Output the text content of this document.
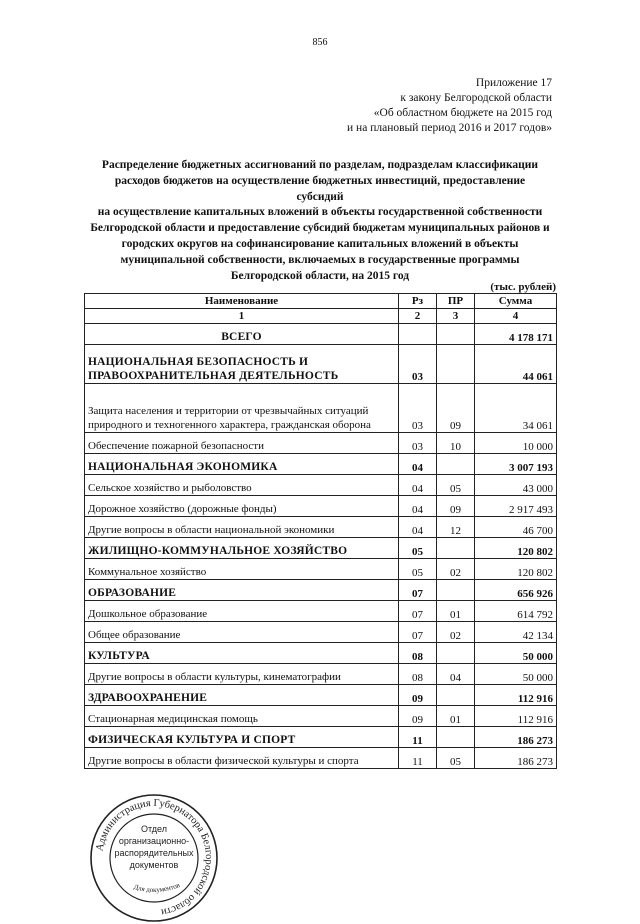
856
Приложение 17
к закону Белгородской области
«Об областном бюджете на 2015 год
и на плановый период 2016 и 2017 годов»
Распределение бюджетных ассигнований по разделам, подразделам классификации
расходов бюджетов на осуществление бюджетных инвестиций, предоставление субсидий
на осуществление капитальных вложений в объекты государственной собственности
Белгородской области и предоставление субсидий бюджетам муниципальных районов и
городских округов на софинансирование капитальных вложений в объекты
муниципальной собственности, включаемых в государственные программы
Белгородской области, на 2015 год
(тыс. рублей)
Наименование	Рз	ПР	Сумма
1	2	3	4
ВСЕГО			4 178 171
НАЦИОНАЛЬНАЯ БЕЗОПАСНОСТЬ И ПРАВООХРАНИТЕЛЬНАЯ ДЕЯТЕЛЬНОСТЬ	03		44 061
Защита населения и территории от чрезвычайных ситуаций природного и техногенного характера, гражданская оборона	03	09	34 061
Обеспечение пожарной безопасности	03	10	10 000
НАЦИОНАЛЬНАЯ ЭКОНОМИКА	04		3 007 193
Сельское хозяйство и рыболовство	04	05	43 000
Дорожное хозяйство (дорожные фонды)	04	09	2 917 493
Другие вопросы в области национальной экономики	04	12	46 700
ЖИЛИЩНО-КОММУНАЛЬНОЕ ХОЗЯЙСТВО	05		120 802
Коммунальное хозяйство	05	02	120 802
ОБРАЗОВАНИЕ	07		656 926
Дошкольное образование	07	01	614 792
Общее образование	07	02	42 134
КУЛЬТУРА	08		50 000
Другие вопросы в области культуры, кинематографии	08	04	50 000
ЗДРАВООХРАНЕНИЕ	09		112 916
Стационарная медицинская помощь	09	01	112 916
ФИЗИЧЕСКАЯ КУЛЬТУРА И СПОРТ	11		186 273
Другие вопросы в области физической культуры и спорта	11	05	186 273
Администрация Губернатора Белгородской области
Отдел
организационно-
распорядительных
документов
Для документов
